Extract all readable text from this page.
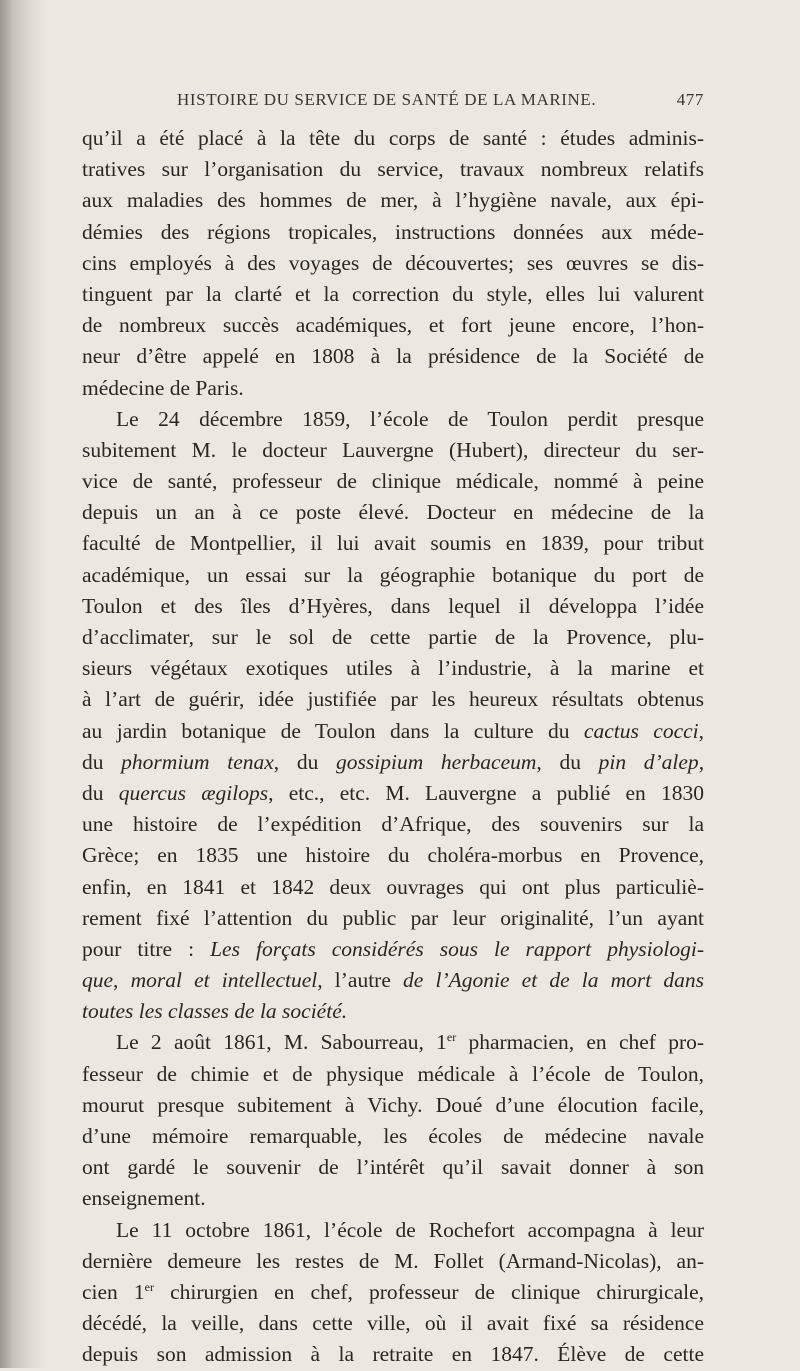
HISTOIRE DU SERVICE DE SANTÉ DE LA MARINE.	477
qu’il a été placé à la tête du corps de santé : études adminis-
tratives sur l’organisation du service, travaux nombreux relatifs
aux maladies des hommes de mer, à l’hygiène navale, aux épi-
démies des régions tropicales, instructions données aux méde-
cins employés à des voyages de découvertes; ses œuvres se dis-
tinguent par la clarté et la correction du style, elles lui valurent
de nombreux succès académiques, et fort jeune encore, l’hon-
neur d’être appelé en 1808 à la présidence de la Société de
médecine de Paris.
Le 24 décembre 1859, l’école de Toulon perdit presque
subitement M. le docteur Lauvergne (Hubert), directeur du ser-
vice de santé, professeur de clinique médicale, nommé à peine
depuis un an à ce poste élevé. Docteur en médecine de la
faculté de Montpellier, il lui avait soumis en 1839, pour tribut
académique, un essai sur la géographie botanique du port de
Toulon et des îles d’Hyères, dans lequel il développa l’idée
d’acclimater, sur le sol de cette partie de la Provence, plu-
sieurs végétaux exotiques utiles à l’industrie, à la marine et
à l’art de guérir, idée justifiée par les heureux résultats obtenus
au jardin botanique de Toulon dans la culture du cactus cocci,
du phormium tenax, du gossipium herbaceum, du pin d’alep,
du quercus ægilops, etc., etc. M. Lauvergne a publié en 1830
une histoire de l’expédition d’Afrique, des souvenirs sur la
Grèce; en 1835 une histoire du choléra-morbus en Provence,
enfin, en 1841 et 1842 deux ouvrages qui ont plus particuliè-
rement fixé l’attention du public par leur originalité, l’un ayant
pour titre : Les forçats considérés sous le rapport physiologi-
que, moral et intellectuel, l’autre de l’Agonie et de la mort dans
toutes les classes de la société.
Le 2 août 1861, M. Sabourreau, 1er pharmacien, en chef pro-
fesseur de chimie et de physique médicale à l’école de Toulon,
mourut presque subitement à Vichy. Doué d’une élocution facile,
d’une mémoire remarquable, les écoles de médecine navale
ont gardé le souvenir de l’intérêt qu’il savait donner à son
enseignement.
Le 11 octobre 1861, l’école de Rochefort accompagna à leur
dernière demeure les restes de M. Follet (Armand-Nicolas), an-
cien 1er chirurgien en chef, professeur de clinique chirurgicale,
décédé, la veille, dans cette ville, où il avait fixé sa résidence
depuis son admission à la retraite en 1847. Élève de cette
